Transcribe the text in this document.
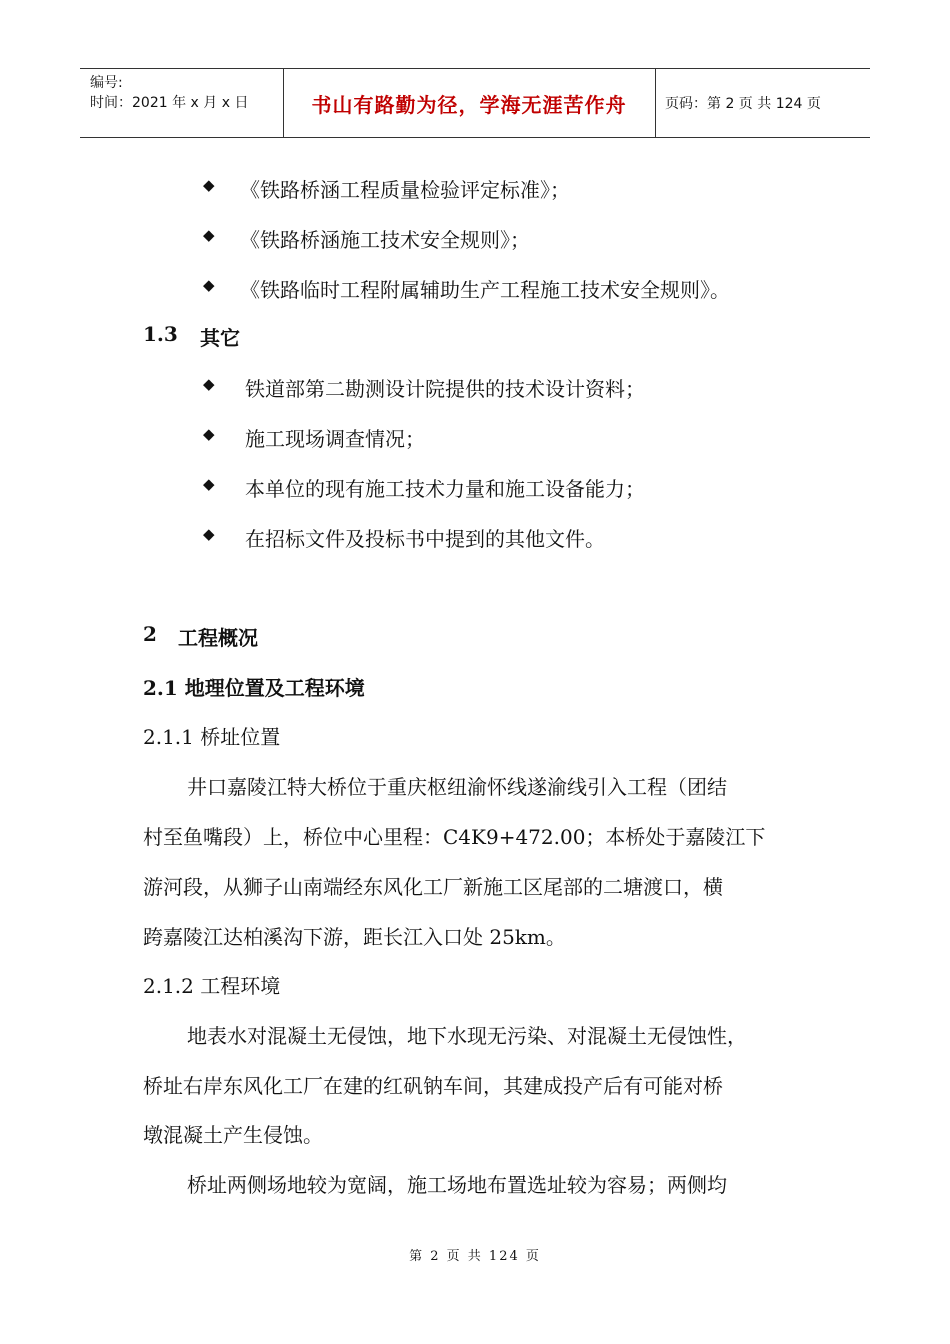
编号:
时间：2021 年 x 月 x 日	书山有路勤为径，学海无涯苦作舟	页码：第 2 页 共 124 页
◆ 《铁路桥涵工程质量检验评定标准》；
◆ 《铁路桥涵施工技术安全规则》；
◆ 《铁路临时工程附属辅助生产工程施工技术安全规则》。
1.3 其它
◆ 铁道部第二勘测设计院提供的技术设计资料；
◆ 施工现场调查情况；
◆ 本单位的现有施工技术力量和施工设备能力；
◆ 在招标文件及投标书中提到的其他文件。
2 工程概况
2.1 地理位置及工程环境
2.1.1 桥址位置
井口嘉陵江特大桥位于重庆枢纽渝怀线遂渝线引入工程（团结
村至鱼嘴段）上，桥位中心里程：C4K9+472.00；本桥处于嘉陵江下
游河段，从狮子山南端经东风化工厂新施工区尾部的二塘渡口，横
跨嘉陵江达柏溪沟下游，距长江入口处 25km。
2.1.2 工程环境
地表水对混凝土无侵蚀，地下水现无污染、对混凝土无侵蚀性，
桥址右岸东风化工厂在建的红矾钠车间，其建成投产后有可能对桥
墩混凝土产生侵蚀。
桥址两侧场地较为宽阔，施工场地布置选址较为容易；两侧均
第 2 页 共 124 页
